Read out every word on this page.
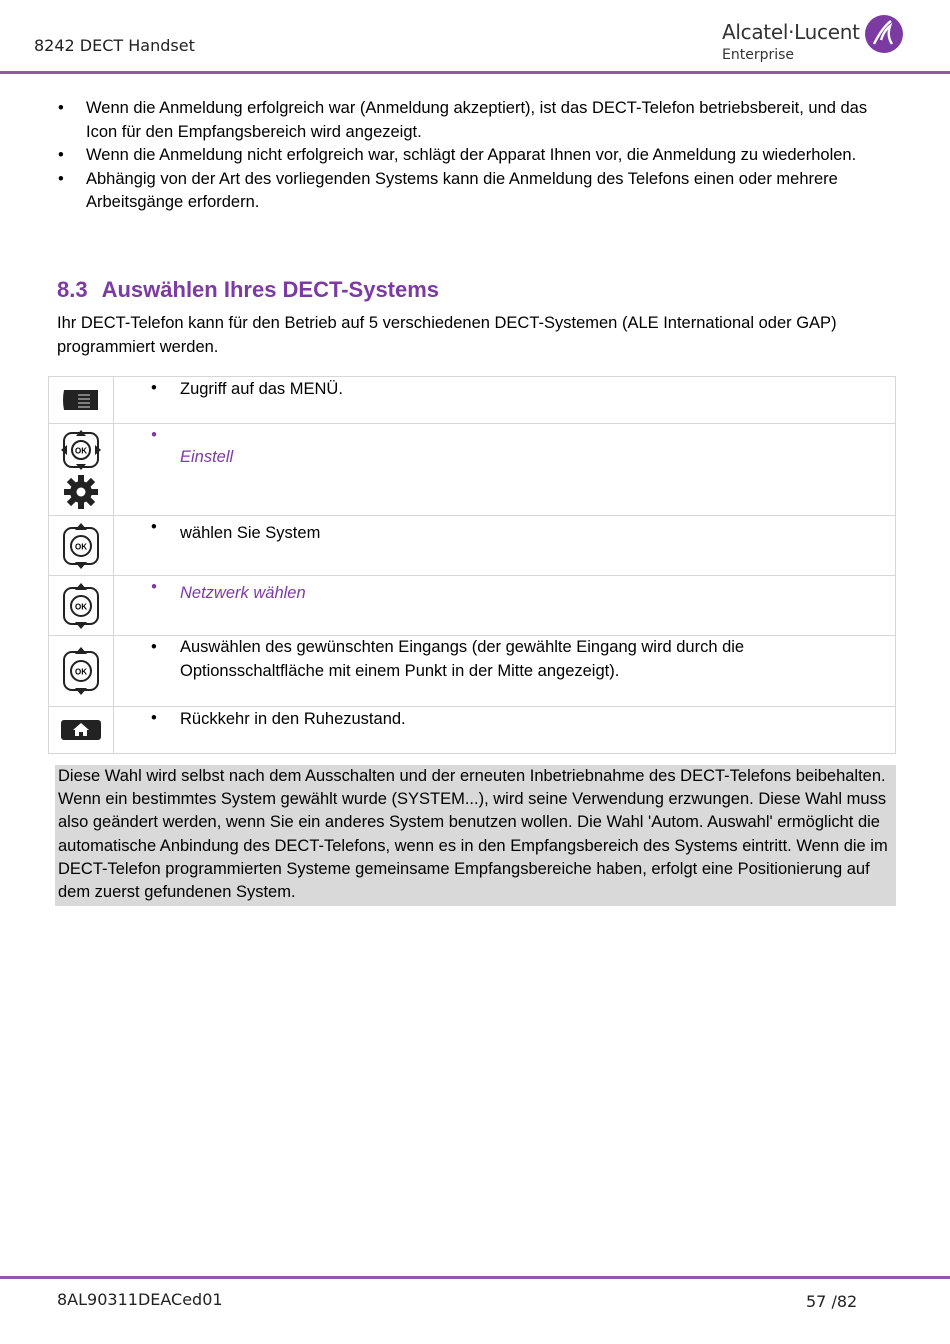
8242 DECT Handset
Alcatel·Lucent
Enterprise
• Wenn die Anmeldung erfolgreich war (Anmeldung akzeptiert), ist das DECT-Telefon betriebsbereit, und das Icon für den Empfangsbereich wird angezeigt.
• Wenn die Anmeldung nicht erfolgreich war, schlägt der Apparat Ihnen vor, die Anmeldung zu wiederholen.
• Abhängig von der Art des vorliegenden Systems kann die Anmeldung des Telefons einen oder mehrere Arbeitsgänge erfordern.
8.3 Auswählen Ihres DECT-Systems
Ihr DECT-Telefon kann für den Betrieb auf 5 verschiedenen DECT-Systemen (ALE International oder GAP) programmiert werden.

• Zugriff auf das MENÜ.

OK	• Einstell

OK	• wählen Sie System

OK	• Netzwerk wählen

OK	• Auswählen des gewünschten Eingangs (der gewählte Eingang wird durch die Optionsschaltfläche mit einem Punkt in der Mitte angezeigt).

• Rückkehr in den Ruhezustand.
Diese Wahl wird selbst nach dem Ausschalten und der erneuten Inbetriebnahme des DECT-Telefons beibehalten. Wenn ein bestimmtes System gewählt wurde (SYSTEM...), wird seine Verwendung erzwungen. Diese Wahl muss also geändert werden, wenn Sie ein anderes System benutzen wollen. Die Wahl 'Autom. Auswahl' ermöglicht die automatische Anbindung des DECT-Telefons, wenn es in den Empfangsbereich des Systems eintritt. Wenn die im DECT-Telefon programmierten Systeme gemeinsame Empfangsbereiche haben, erfolgt eine Positionierung auf dem zuerst gefundenen System.
8AL90311DEACed01	57 /82
